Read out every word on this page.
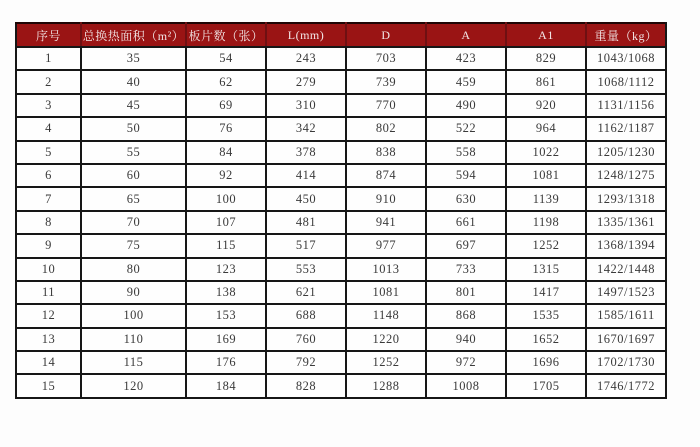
序号	总换热面积（m²）	板片数（张）	L(mm)	D	A	A1	重量（kg）
1	35	54	243	703	423	829	1043/1068
2	40	62	279	739	459	861	1068/1112
3	45	69	310	770	490	920	1131/1156
4	50	76	342	802	522	964	1162/1187
5	55	84	378	838	558	1022	1205/1230
6	60	92	414	874	594	1081	1248/1275
7	65	100	450	910	630	1139	1293/1318
8	70	107	481	941	661	1198	1335/1361
9	75	115	517	977	697	1252	1368/1394
10	80	123	553	1013	733	1315	1422/1448
11	90	138	621	1081	801	1417	1497/1523
12	100	153	688	1148	868	1535	1585/1611
13	110	169	760	1220	940	1652	1670/1697
14	115	176	792	1252	972	1696	1702/1730
15	120	184	828	1288	1008	1705	1746/1772
